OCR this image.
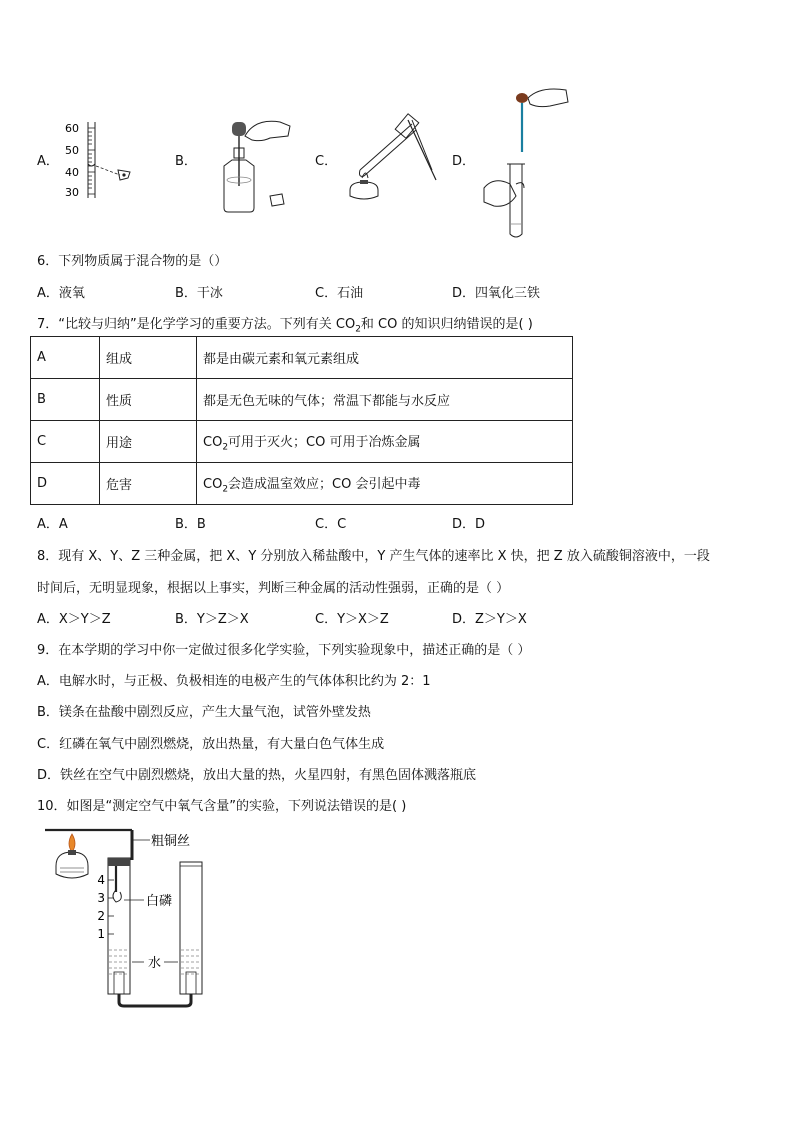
A．
60
50
40
30
B．	C．	D．
6．下列物质属于混合物的是（）
A．液氧	B．干冰	C．石油	D．四氧化三铁
7．“比较与归纳”是化学学习的重要方法。下列有关 $CO_2$和 CO 的知识归纳错误的是( )
A	组成	都是由碳元素和氧元素组成
B	性质	都是无色无味的气体；常温下都能与水反应
C	用途	$CO_2$可用于灭火；CO 可用于冶炼金属
D	危害	$CO_2$会造成温室效应；CO 会引起中毒
A．A	B．B	C．C	D．D
8．现有 X、Y、Z 三种金属，把 X、Y 分别放入稀盐酸中，Y 产生气体的速率比 X 快，把 Z 放入硫酸铜溶液中，一段
时间后，无明显现象，根据以上事实，判断三种金属的活动性强弱，正确的是（ ）
A．X＞Y＞Z	B．Y＞Z＞X	C．Y＞X＞Z	D．Z＞Y＞X
9．在本学期的学习中你一定做过很多化学实验，下列实验现象中，描述正确的是（ ）
A．电解水时，与正极、负极相连的电极产生的气体体积比约为 2：1
B．镁条在盐酸中剧烈反应，产生大量气泡，试管外壁发热
C．红磷在氧气中剧烈燃烧，放出热量，有大量白色气体生成
D．铁丝在空气中剧烈燃烧，放出大量的热，火星四射，有黑色固体溅落瓶底
10．如图是“测定空气中氧气含量”的实验，下列说法错误的是( )
粗铜丝
4
3
2
1
白磷
水
